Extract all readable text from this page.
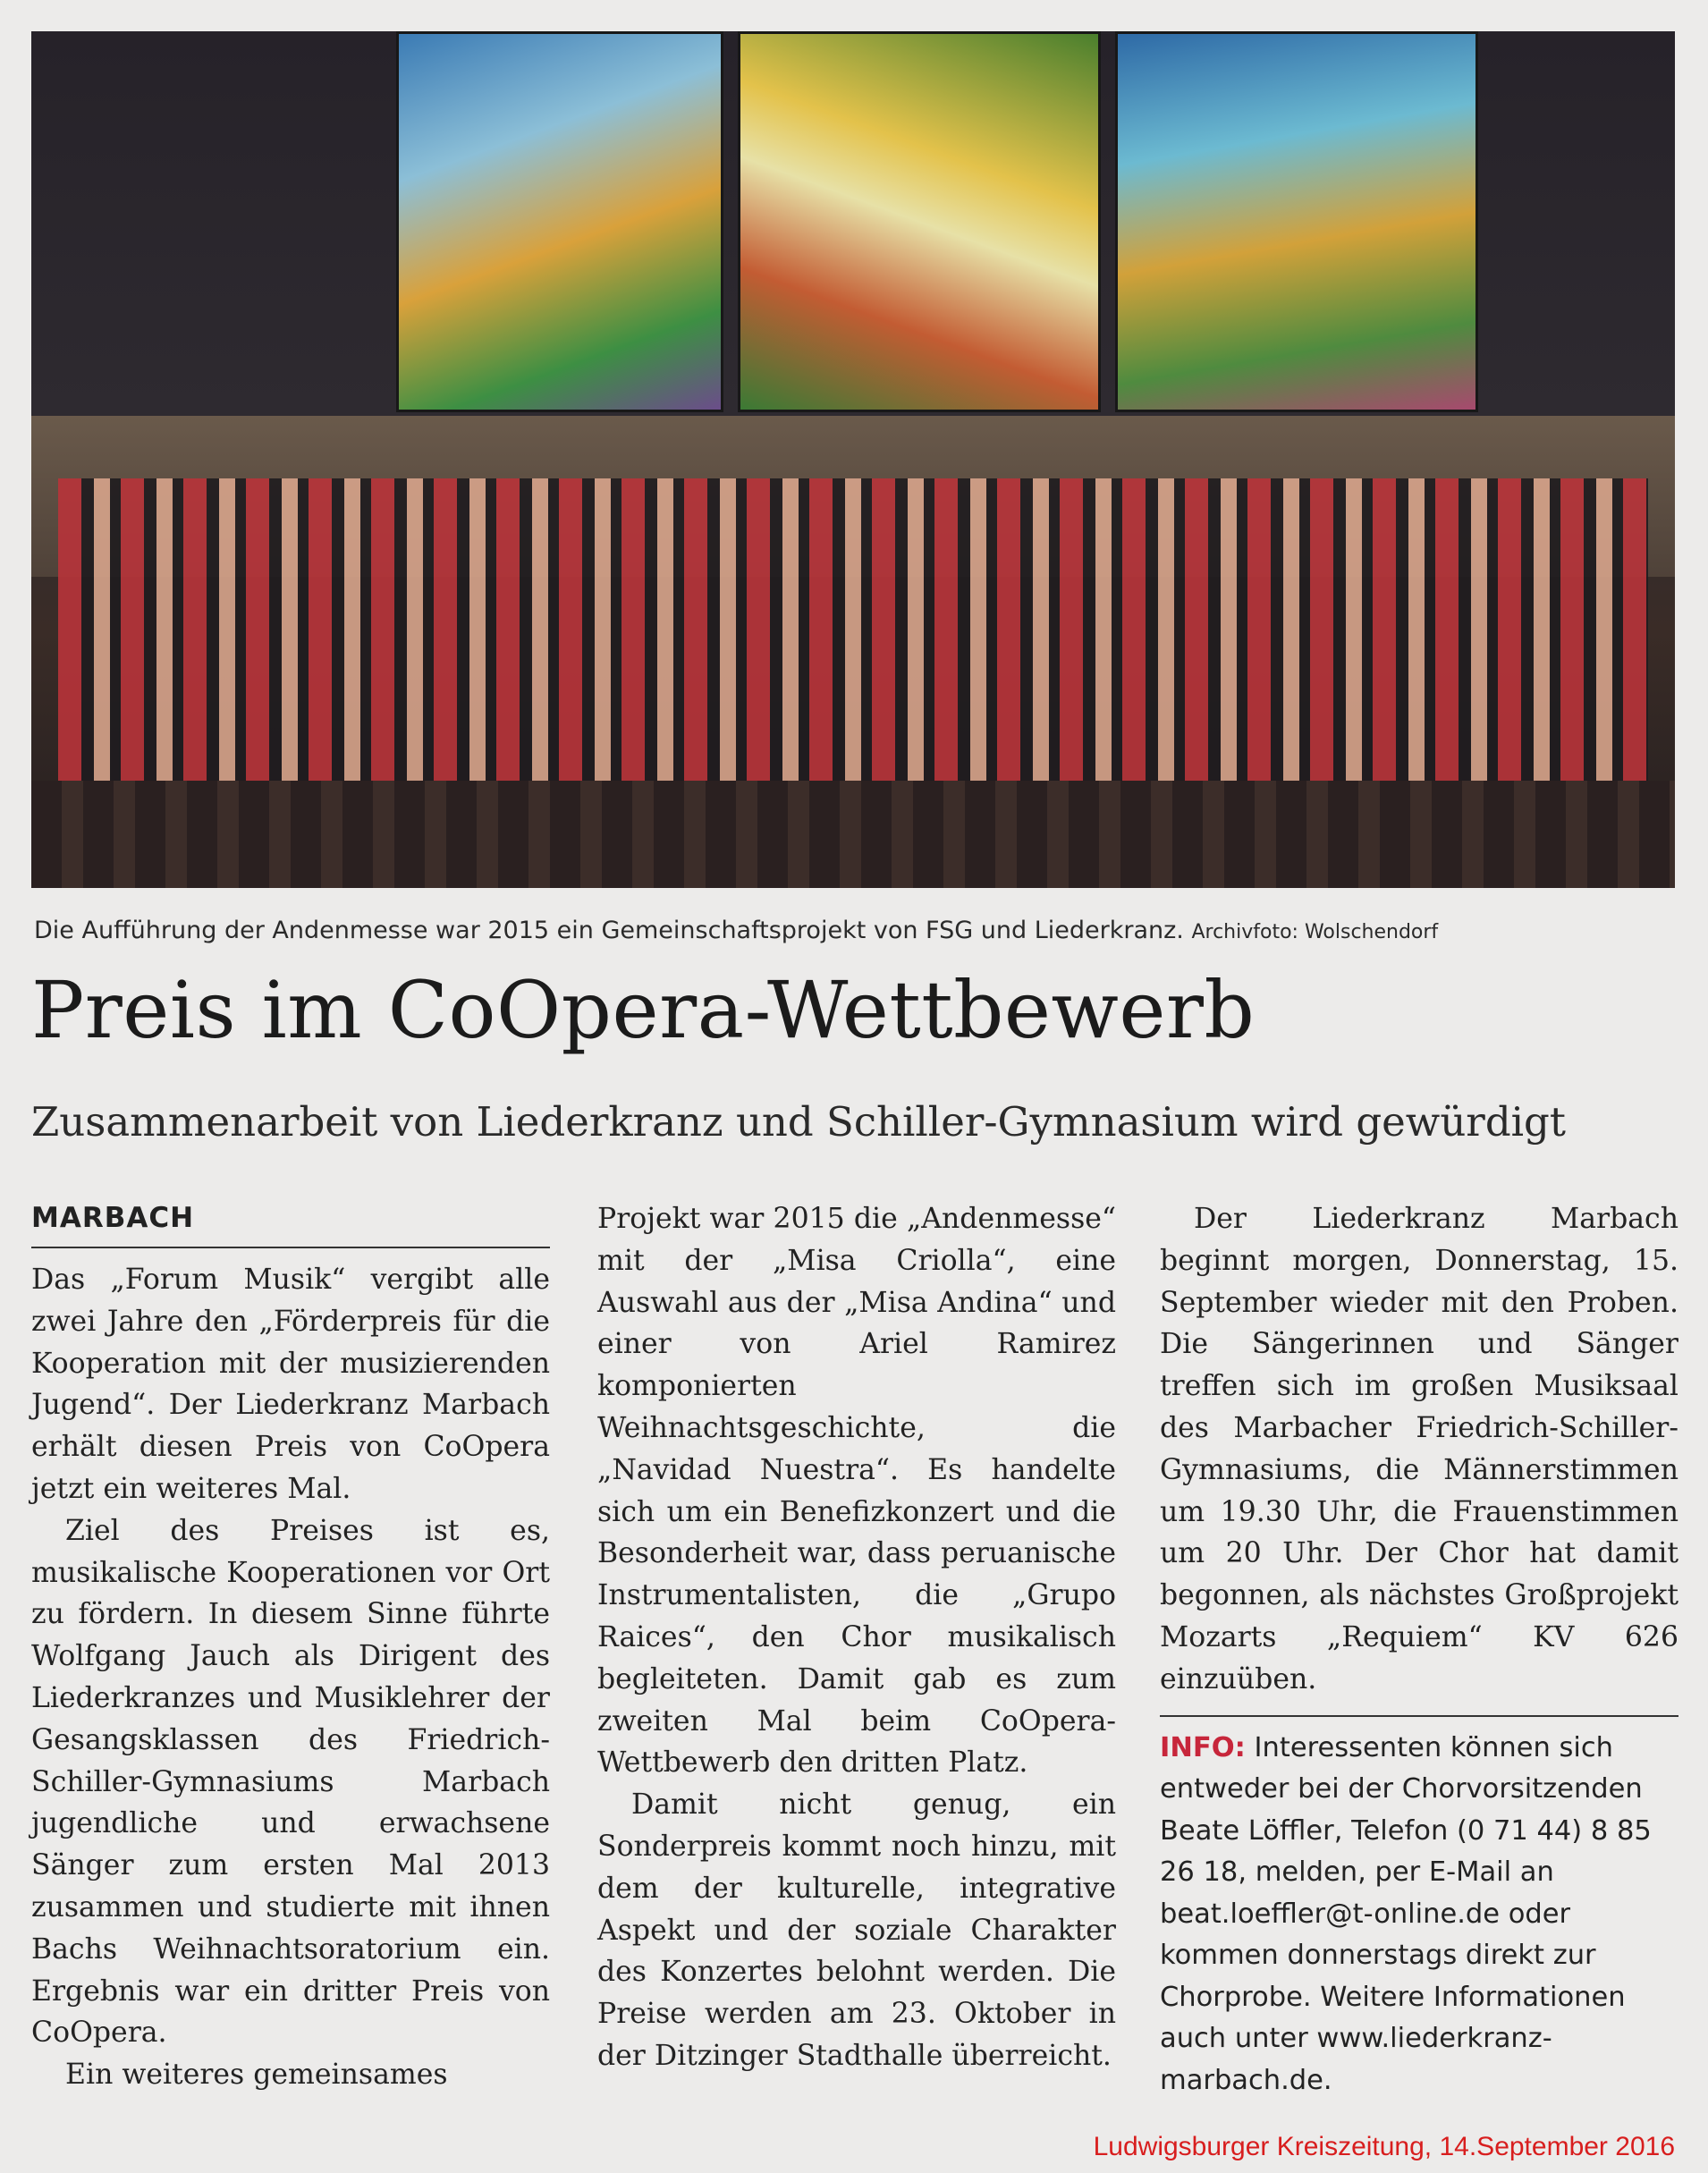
Die Aufführung der Andenmesse war 2015 ein Gemeinschaftsprojekt von FSG und Liederkranz. Archivfoto: Wolschendorf
Preis im CoOpera-Wettbewerb
Zusammenarbeit von Liederkranz und Schiller-Gymnasium wird gewürdigt
MARBACH

Das „Forum Musik“ vergibt alle zwei Jahre den „Förderpreis für die Kooperation mit der musizierenden Jugend“. Der Liederkranz Marbach erhält diesen Preis von CoOpera jetzt ein weiteres Mal.

Ziel des Preises ist es, musikalische Kooperationen vor Ort zu fördern. In diesem Sinne führte Wolfgang Jauch als Dirigent des Liederkranzes und Musiklehrer der Gesangsklassen des Friedrich-Schiller-Gymnasiums Marbach jugendliche und erwachsene Sänger zum ersten Mal 2013 zusammen und studierte mit ihnen Bachs Weihnachtsoratorium ein. Ergebnis war ein dritter Preis von CoOpera.

Ein weiteres gemeinsames

Projekt war 2015 die „Andenmesse“ mit der „Misa Criolla“, eine Auswahl aus der „Misa Andina“ und einer von Ariel Ramirez komponierten Weihnachtsgeschichte, die „Navidad Nuestra“. Es handelte sich um ein Benefizkonzert und die Besonderheit war, dass peruanische Instrumentalisten, die „Grupo Raices“, den Chor musikalisch begleiteten. Damit gab es zum zweiten Mal beim CoOpera-Wettbewerb den dritten Platz.

Damit nicht genug, ein Sonderpreis kommt noch hinzu, mit dem der kulturelle, integrative Aspekt und der soziale Charakter des Konzertes belohnt werden. Die Preise werden am 23. Oktober in der Ditzinger Stadthalle überreicht.

Der Liederkranz Marbach beginnt morgen, Donnerstag, 15. September wieder mit den Proben. Die Sängerinnen und Sänger treffen sich im großen Musiksaal des Marbacher Friedrich-Schiller-Gymnasiums, die Männerstimmen um 19.30 Uhr, die Frauenstimmen um 20 Uhr. Der Chor hat damit begonnen, als nächstes Großprojekt Mozarts „Requiem“ KV 626 einzuüben.

INFO: Interessenten können sich entweder bei der Chorvorsitzenden Beate Löffler, Telefon (0 71 44) 8 85 26 18, melden, per E-Mail an beat.loeffler@t-online.de oder kommen donnerstags direkt zur Chorprobe. Weitere Informationen auch unter www.liederkranz-marbach.de.
Ludwigsburger Kreiszeitung, 14.September 2016
